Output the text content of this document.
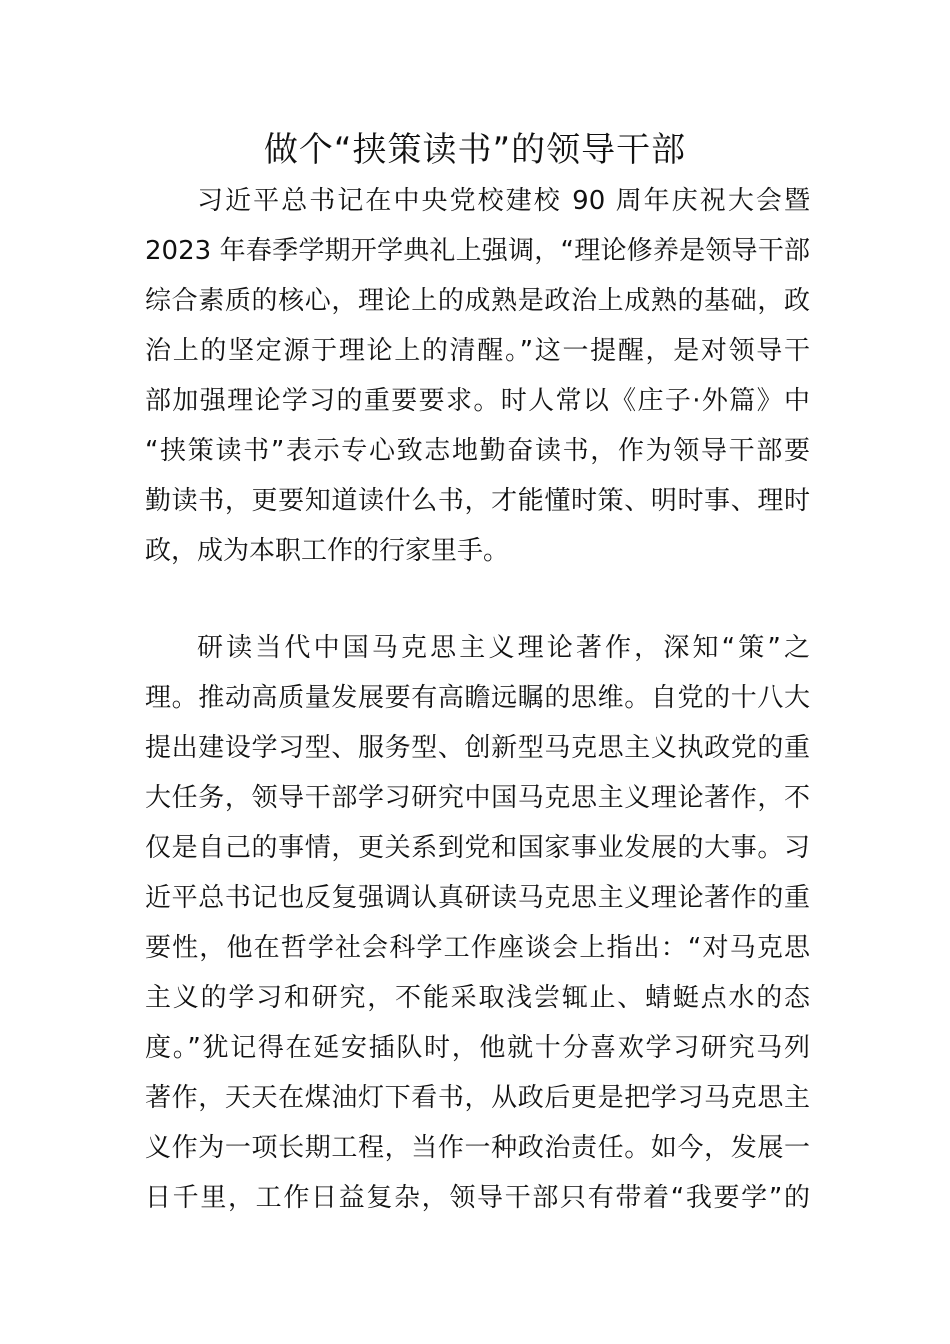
做个“挟策读书”的领导干部
习近平总书记在中央党校建校 90 周年庆祝大会暨
2023 年春季学期开学典礼上强调，“理论修养是领导干部
综合素质的核心，理论上的成熟是政治上成熟的基础，政
治上的坚定源于理论上的清醒。”这一提醒，是对领导干
部加强理论学习的重要要求。时人常以《庄子·外篇》中
“挟策读书”表示专心致志地勤奋读书，作为领导干部要
勤读书，更要知道读什么书，才能懂时策、明时事、理时
政，成为本职工作的行家里手。
研读当代中国马克思主义理论著作，深知“策”之
理。推动高质量发展要有高瞻远瞩的思维。自党的十八大
提出建设学习型、服务型、创新型马克思主义执政党的重
大任务，领导干部学习研究中国马克思主义理论著作，不
仅是自己的事情，更关系到党和国家事业发展的大事。习
近平总书记也反复强调认真研读马克思主义理论著作的重
要性，他在哲学社会科学工作座谈会上指出：“对马克思
主义的学习和研究，不能采取浅尝辄止、蜻蜓点水的态
度。”犹记得在延安插队时，他就十分喜欢学习研究马列
著作，天天在煤油灯下看书，从政后更是把学习马克思主
义作为一项长期工程，当作一种政治责任。如今，发展一
日千里，工作日益复杂，领导干部只有带着“我要学”的
